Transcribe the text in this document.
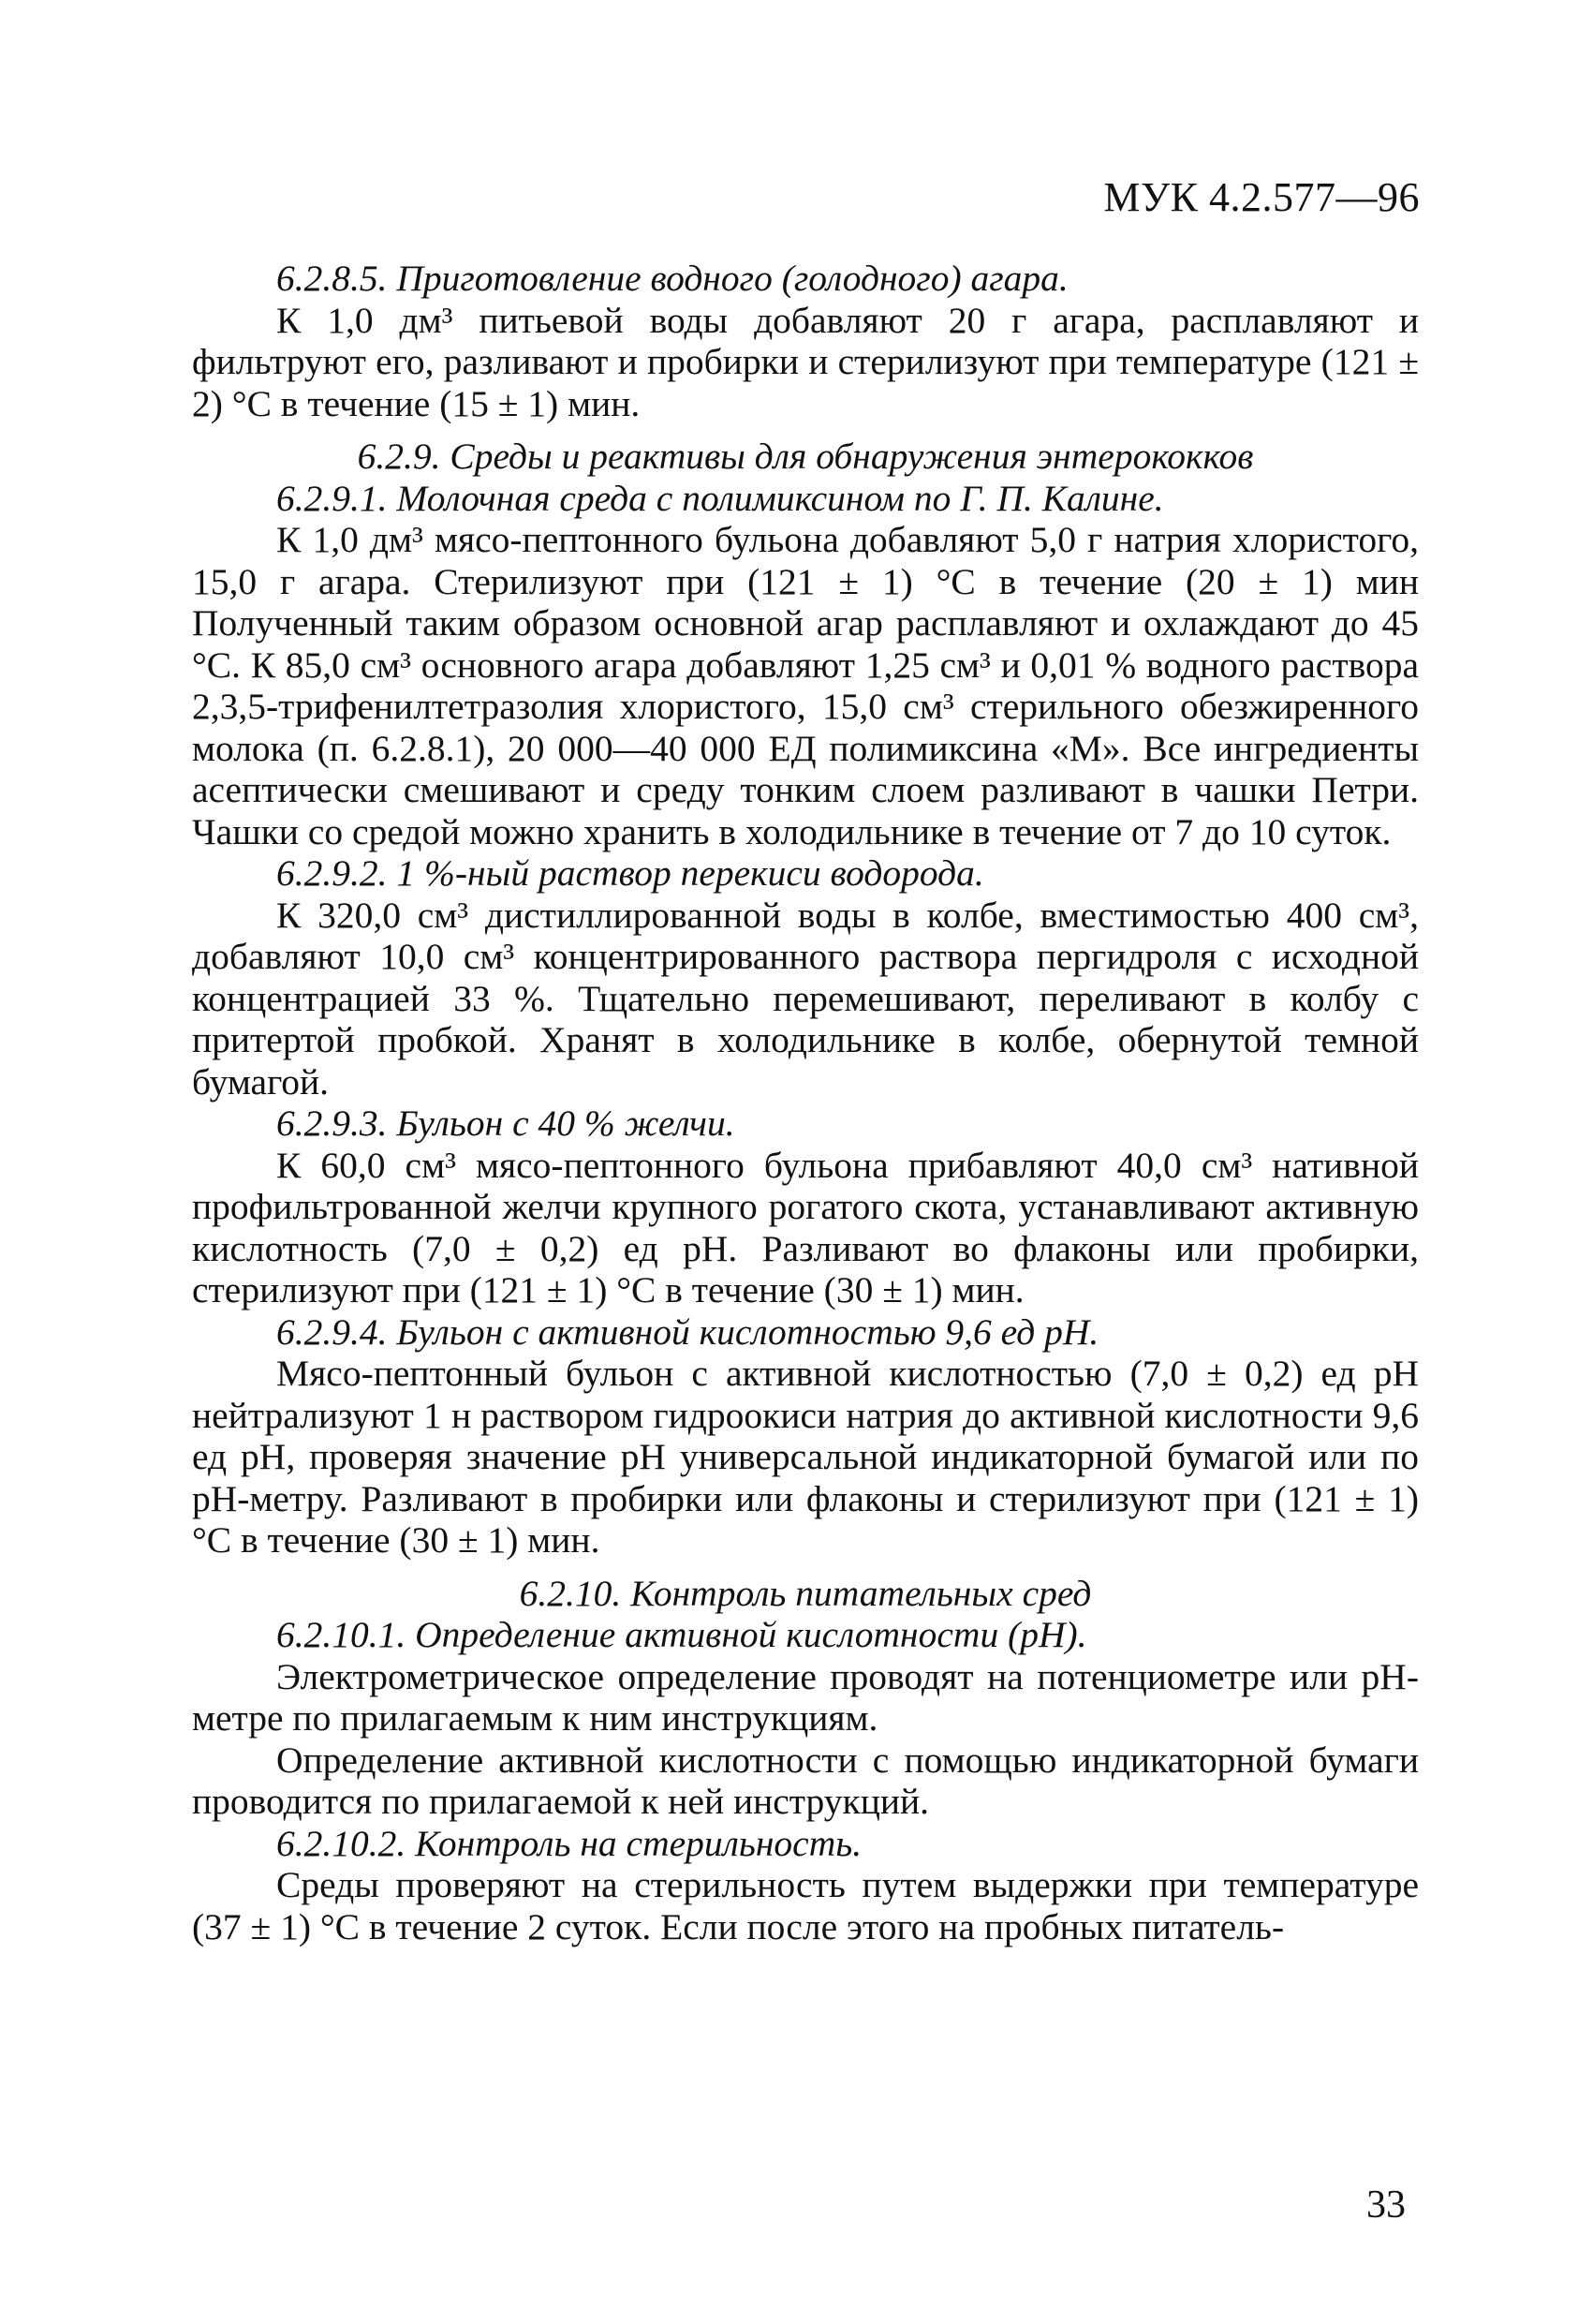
МУК 4.2.577—96

6.2.8.5. Приготовление водного (голодного) агара.

К 1,0 дм³ питьевой воды добавляют 20 г агара, расплавляют и фильтруют его, разливают и пробирки и стерилизуют при температуре (121 ± 2) °С в течение (15 ± 1) мин.

6.2.9. Среды и реактивы для обнаружения энтерококков

6.2.9.1. Молочная среда с полимиксином по Г. П. Калине.

К 1,0 дм³ мясо-пептонного бульона добавляют 5,0 г натрия хлористого, 15,0 г агара. Стерилизуют при (121 ± 1) °С в течение (20 ± 1) мин Полученный таким образом основной агар расплавляют и охлаждают до 45 °С. К 85,0 см³ основного агара добавляют 1,25 см³ и 0,01 % водного раствора 2,3,5-трифенилтетразолия хлористого, 15,0 см³ стерильного обезжиренного молока (п. 6.2.8.1), 20 000—40 000 ЕД полимиксина «М». Все ингредиенты асептически смешивают и среду тонким слоем разливают в чашки Петри. Чашки со средой можно хранить в холодильнике в течение от 7 до 10 суток.

6.2.9.2. 1 %-ный раствор перекиси водорода.

К 320,0 см³ дистиллированной воды в колбе, вместимостью 400 см³, добавляют 10,0 см³ концентрированного раствора пергидроля с исходной концентрацией 33 %. Тщательно перемешивают, переливают в колбу с притертой пробкой. Хранят в холодильнике в колбе, обернутой темной бумагой.

6.2.9.3. Бульон с 40 % желчи.

К 60,0 см³ мясо-пептонного бульона прибавляют 40,0 см³ нативной профильтрованной желчи крупного рогатого скота, устанавливают активную кислотность (7,0 ± 0,2) ед рН. Разливают во флаконы или пробирки, стерилизуют при (121 ± 1) °С в течение (30 ± 1) мин.

6.2.9.4. Бульон с активной кислотностью 9,6 ед рН.

Мясо-пептонный бульон с активной кислотностью (7,0 ± 0,2) ед рН нейтрализуют 1 н раствором гидроокиси натрия до активной кислотности 9,6 ед рН, проверяя значение рН универсальной индикаторной бумагой или по рН-метру. Разливают в пробирки или флаконы и стерилизуют при (121 ± 1) °С в течение (30 ± 1) мин.

6.2.10. Контроль питательных сред

6.2.10.1. Определение активной кислотности (рН).

Электрометрическое определение проводят на потенциометре или рН-метре по прилагаемым к ним инструкциям.

Определение активной кислотности с помощью индикаторной бумаги проводится по прилагаемой к ней инструкций.

6.2.10.2. Контроль на стерильность.

Среды проверяют на стерильность путем выдержки при температуре (37 ± 1) °С в течение 2 суток. Если после этого на пробных питатель-

33
